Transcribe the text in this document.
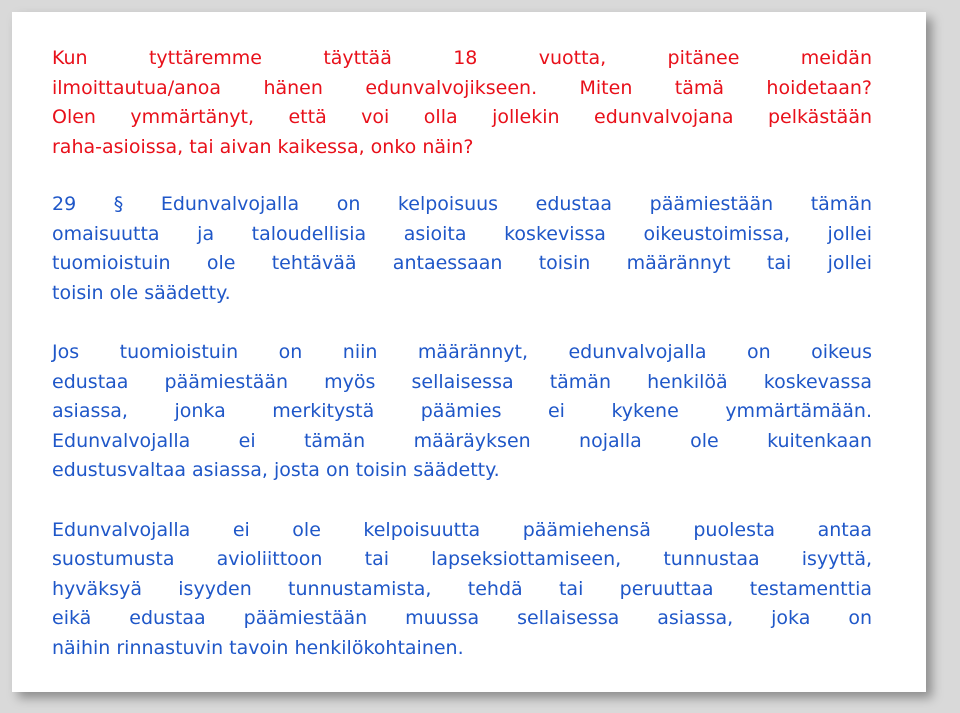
Kun tyttäremme täyttää 18 vuotta, pitänee meidän
ilmoittautua/anoa hänen edunvalvojikseen. Miten tämä hoidetaan?
Olen ymmärtänyt, että voi olla jollekin edunvalvojana pelkästään
raha-asioissa, tai aivan kaikessa, onko näin?

29 § Edunvalvojalla on kelpoisuus edustaa päämiestään tämän
omaisuutta ja taloudellisia asioita koskevissa oikeustoimissa, jollei
tuomioistuin ole tehtävää antaessaan toisin määrännyt tai jollei
toisin ole säädetty.

Jos tuomioistuin on niin määrännyt, edunvalvojalla on oikeus
edustaa päämiestään myös sellaisessa tämän henkilöä koskevassa
asiassa, jonka merkitystä päämies ei kykene ymmärtämään.
Edunvalvojalla ei tämän määräyksen nojalla ole kuitenkaan
edustusvaltaa asiassa, josta on toisin säädetty.

Edunvalvojalla ei ole kelpoisuutta päämiehensä puolesta antaa
suostumusta avioliittoon tai lapseksiottamiseen, tunnustaa isyyttä,
hyväksyä isyyden tunnustamista, tehdä tai peruuttaa testamenttia
eikä edustaa päämiestään muussa sellaisessa asiassa, joka on
näihin rinnastuvin tavoin henkilökohtainen.
